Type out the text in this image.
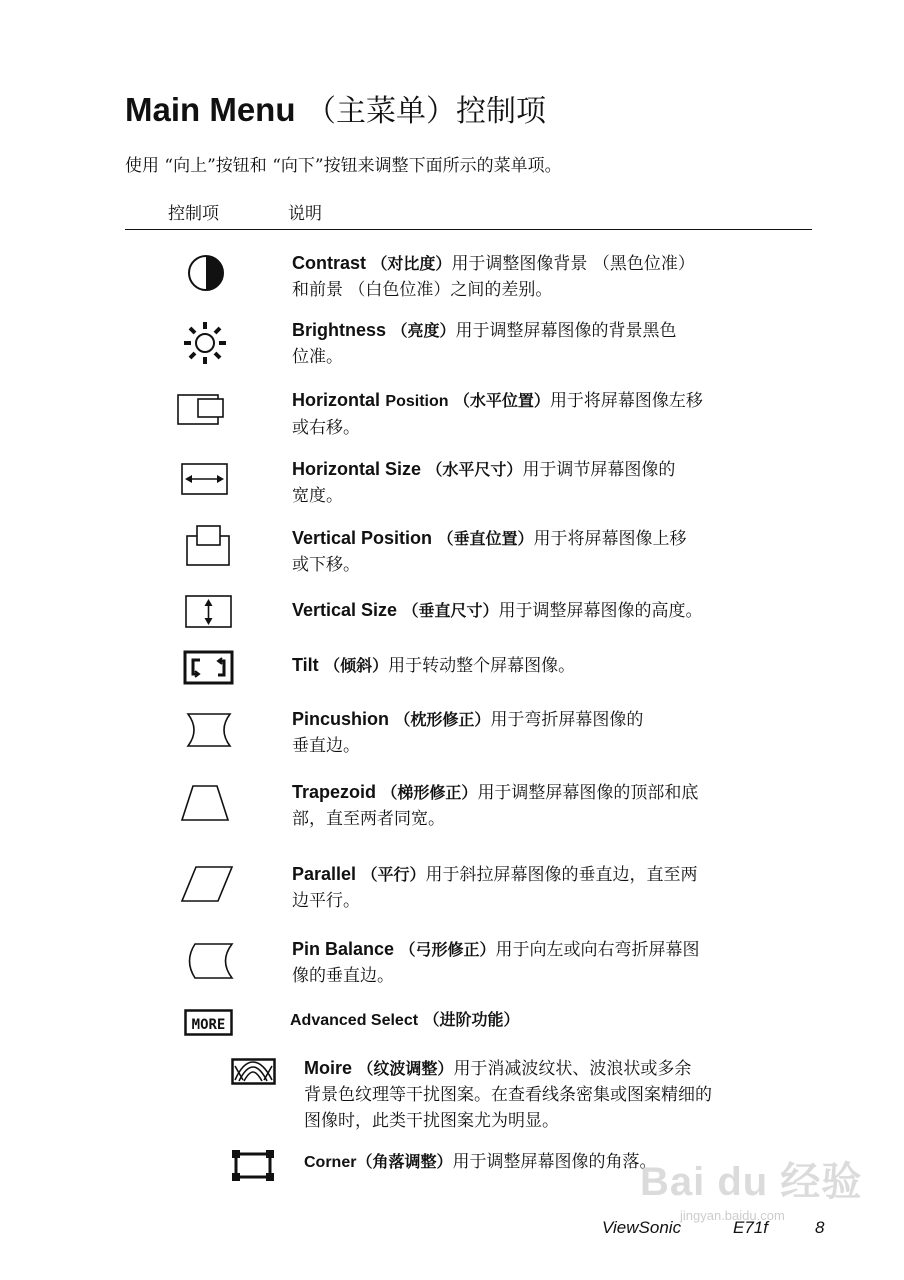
Main Menu （主菜单）控制项
使用 “向上”按钮和 “向下”按钮来调整下面所示的菜单项。
控制项	说明
Contrast （对比度）用于调整图像背景 （黑色位准）
和前景 （白色位准）之间的差别。
Brightness （亮度）用于调整屏幕图像的背景黑色
位准。
Horizontal Position （水平位置）用于将屏幕图像左移
或右移。
Horizontal Size （水平尺寸）用于调节屏幕图像的
宽度。
Vertical Position （垂直位置）用于将屏幕图像上移
或下移。
Vertical Size （垂直尺寸）用于调整屏幕图像的高度。
Tilt （倾斜）用于转动整个屏幕图像。
Pincushion （枕形修正）用于弯折屏幕图像的
垂直边。
Trapezoid （梯形修正）用于调整屏幕图像的顶部和底
部，直至两者同宽。
Parallel （平行）用于斜拉屏幕图像的垂直边，直至两
边平行。
Pin Balance （弓形修正）用于向左或向右弯折屏幕图
像的垂直边。
MORE	Advanced Select （进阶功能）
Moire （纹波调整）用于消减波纹状、波浪状或多余
背景色纹理等干扰图案。在查看线条密集或图案精细的
图像时，此类干扰图案尤为明显。
Corner（角落调整）用于调整屏幕图像的角落。
Bai du 经验
jingyan.baidu.com
ViewSonic	E71f	8
